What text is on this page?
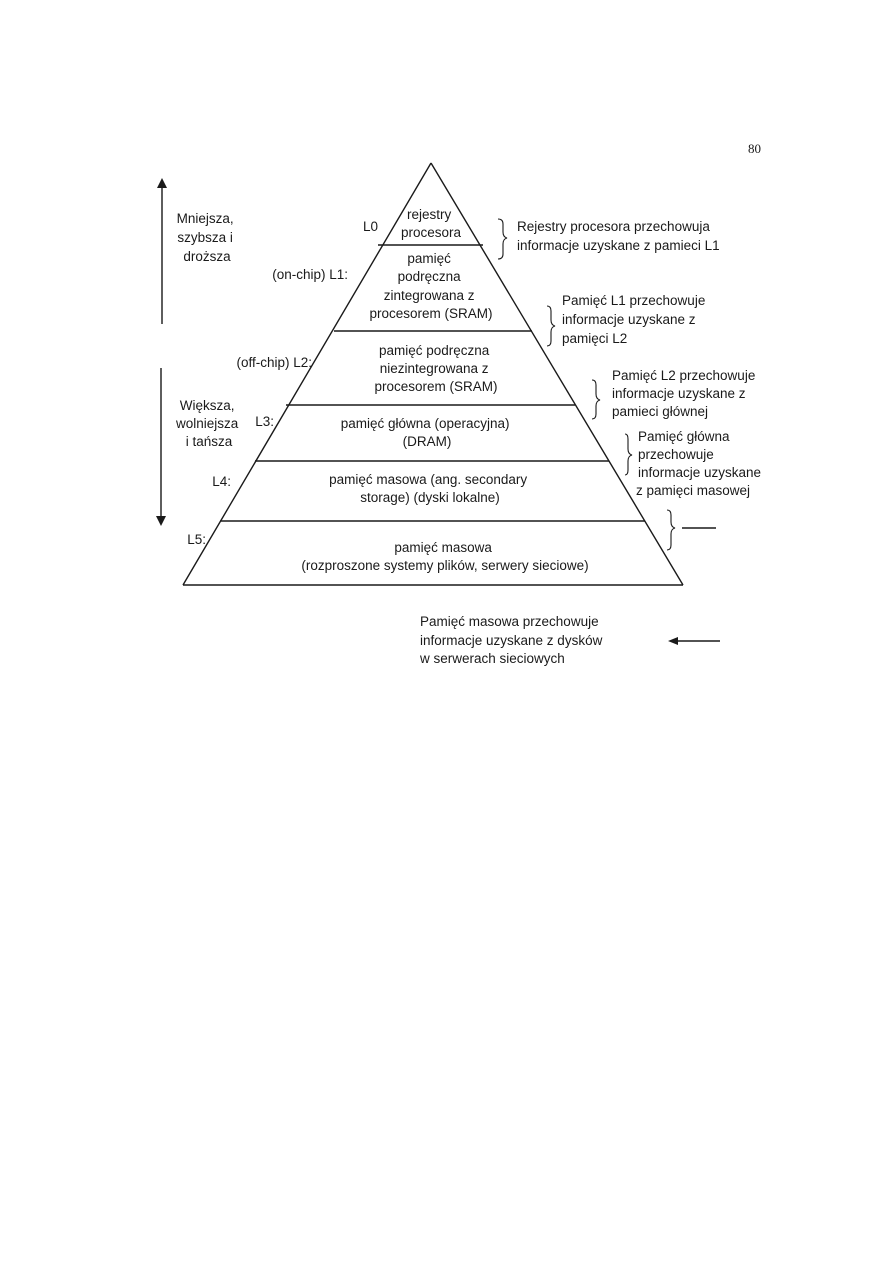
80
Mniejsza, szybsza i droższa
Większa, wolniejsza i tańsza
L0
(on-chip) L1:
(off-chip) L2:
L3:
L4:
L5:
rejestry procesora
pamięć podręczna zintegrowana z procesorem (SRAM)
pamięć podręczna niezintegrowana z procesorem (SRAM)
pamięć główna (operacyjna) (DRAM)
pamięć masowa (ang. secondary storage) (dyski lokalne)
pamięć masowa (rozproszone systemy plików, serwery sieciowe)
Rejestry procesora przechowuja informacje uzyskane z pamieci L1
Pamięć L1 przechowuje informacje uzyskane z pamięci L2
Pamięć L2 przechowuje informacje uzyskane z pamieci głównej
Pamięć główna przechowuje informacje uzyskane z pamięci masowej
Pamięć masowa przechowuje informacje uzyskane z dysków w serwerach sieciowych
